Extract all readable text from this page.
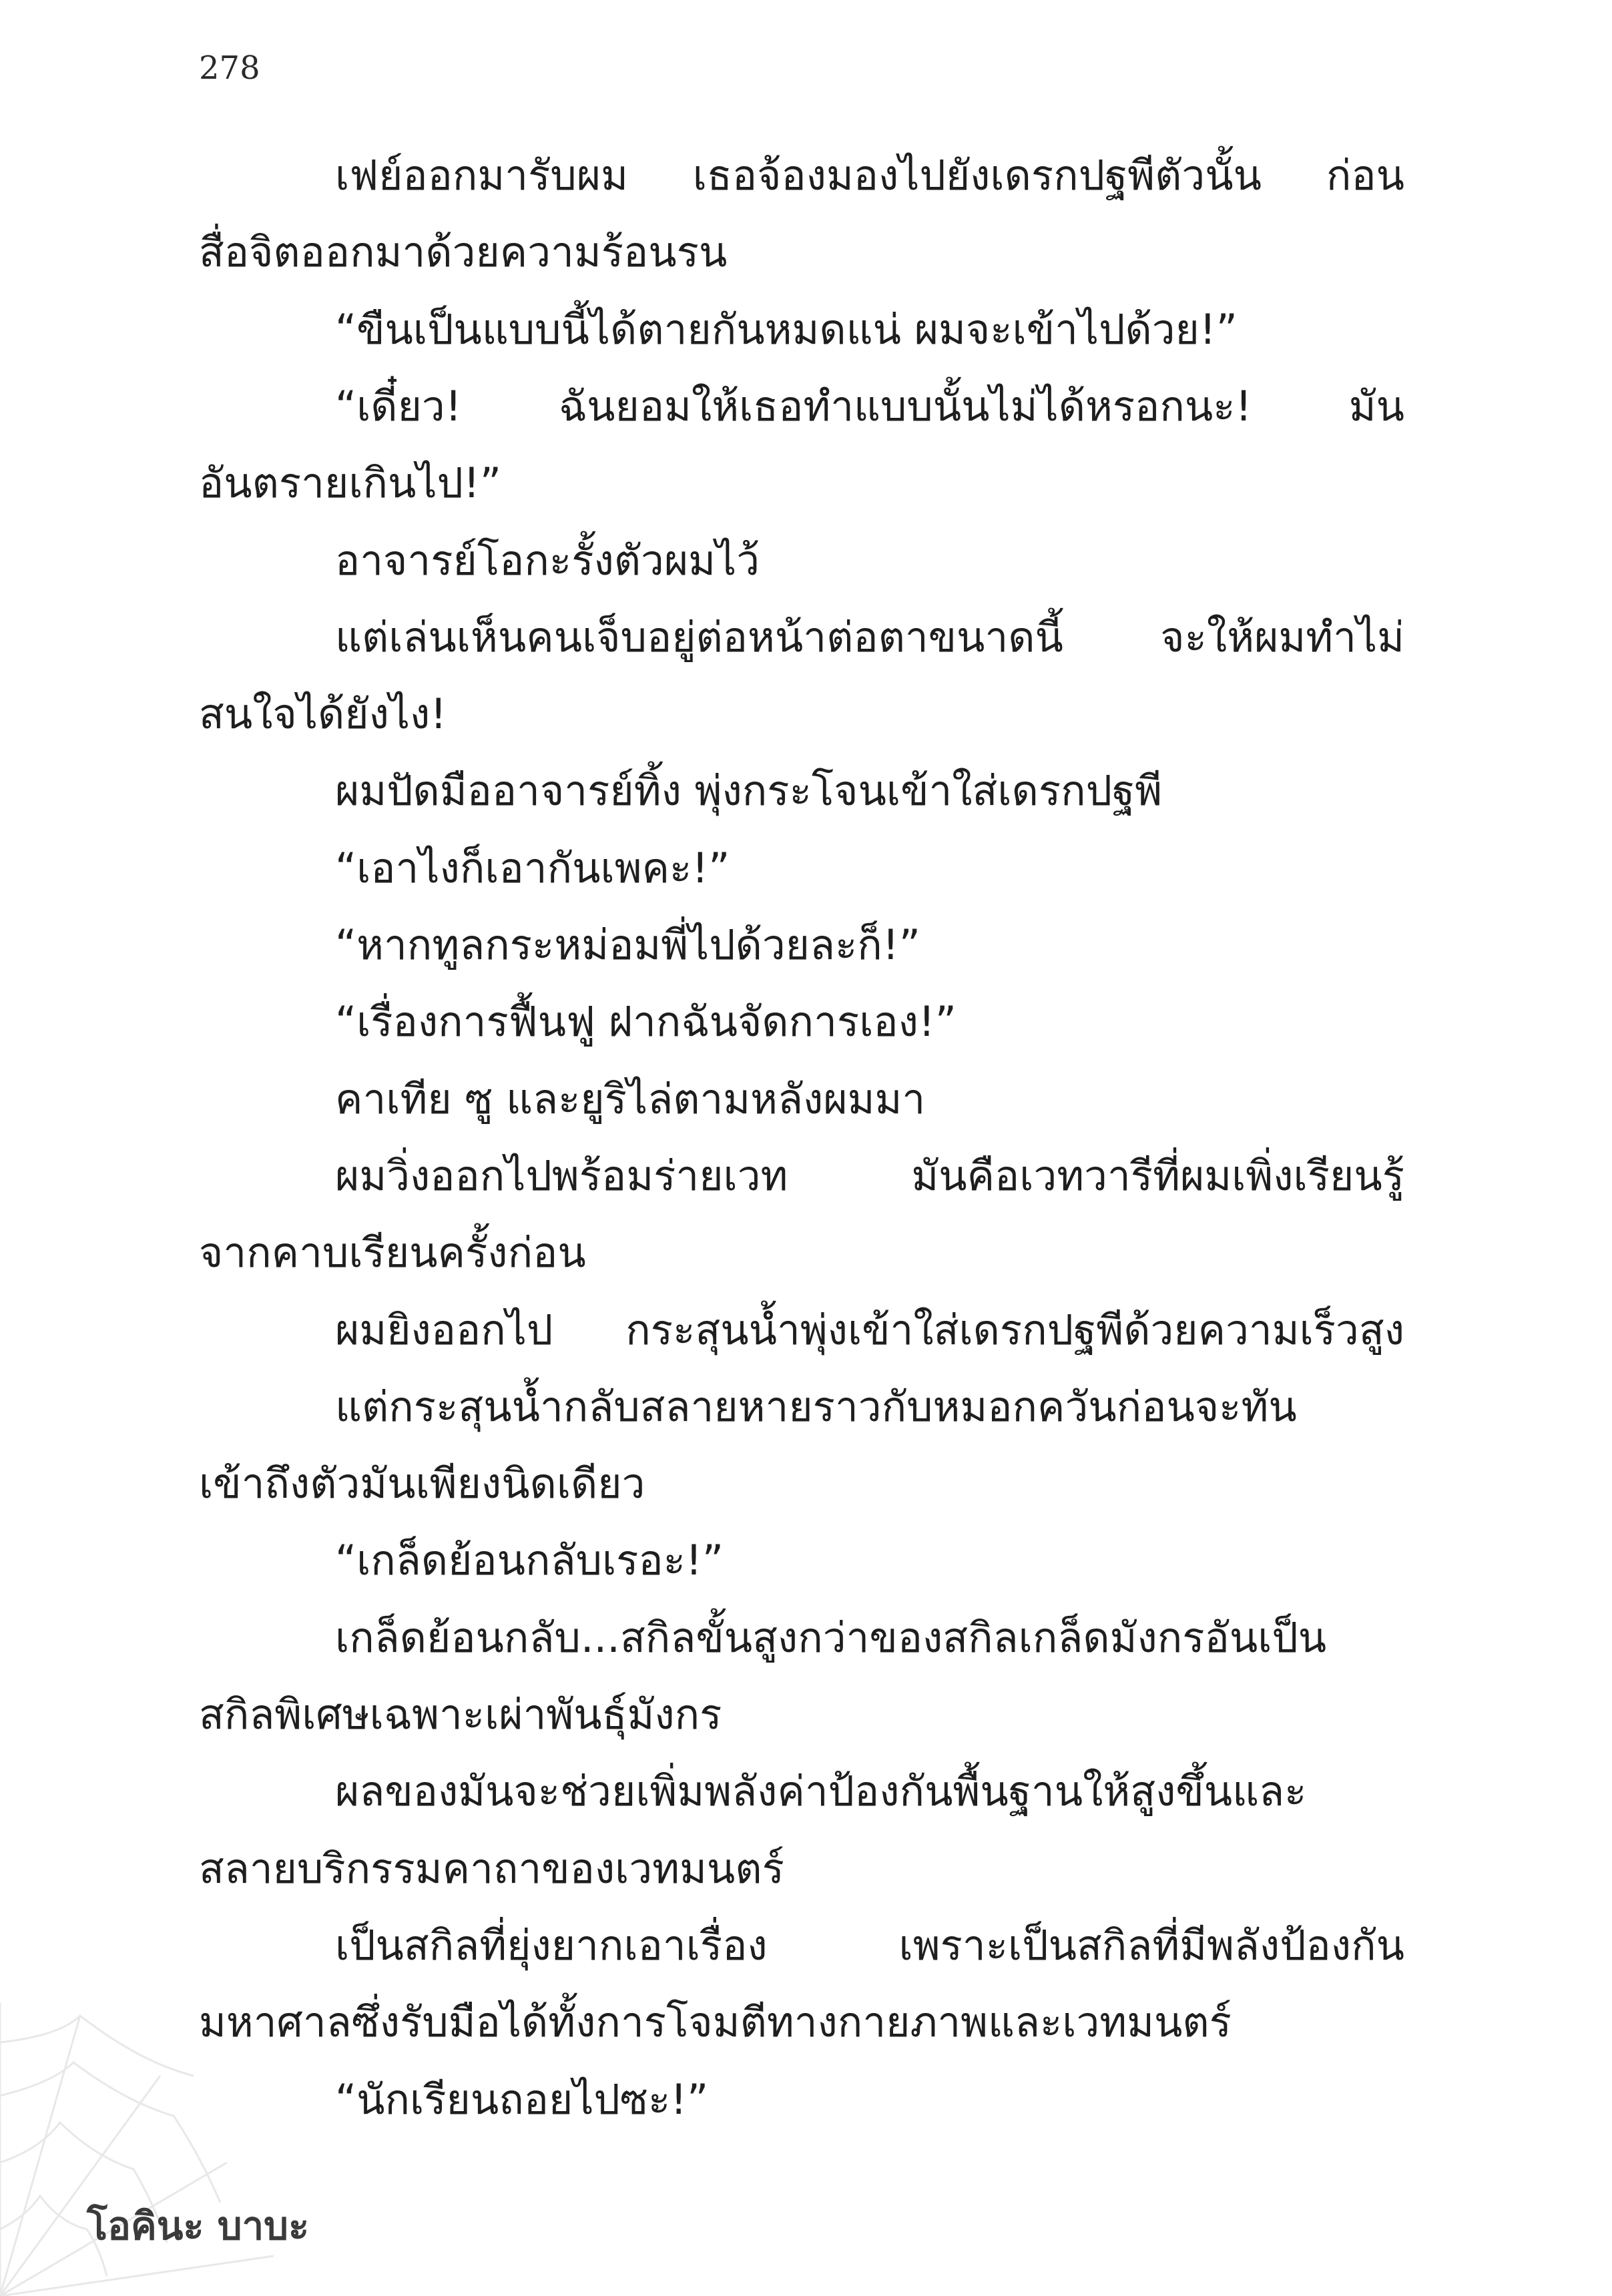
278
เฟย์ออกมารับผม เธอจ้องมองไปยังเดรกปฐพีตัวนั้น ก่อน
สื่อจิตออกมาด้วยความร้อนรน
“ขืนเป็นแบบนี้ได้ตายกันหมดแน่ ผมจะเข้าไปด้วย!”
“เดี๋ยว! ฉันยอมให้เธอทำแบบนั้นไม่ได้หรอกนะ! มัน
อันตรายเกินไป!”
อาจารย์โอกะรั้งตัวผมไว้
แต่เล่นเห็นคนเจ็บอยู่ต่อหน้าต่อตาขนาดนี้ จะให้ผมทำไม่
สนใจได้ยังไง!
ผมปัดมืออาจารย์ทิ้ง พุ่งกระโจนเข้าใส่เดรกปฐพี
“เอาไงก็เอากันเพคะ!”
“หากทูลกระหม่อมพี่ไปด้วยละก็!”
“เรื่องการฟื้นฟู ฝากฉันจัดการเอง!”
คาเทีย ซู และยูริไล่ตามหลังผมมา
ผมวิ่งออกไปพร้อมร่ายเวท	มันคือเวทวารีที่ผมเพิ่งเรียนรู้
จากคาบเรียนครั้งก่อน
ผมยิงออกไป กระสุนน้ำพุ่งเข้าใส่เดรกปฐพีด้วยความเร็วสูง
แต่กระสุนน้ำกลับสลายหายราวกับหมอกควันก่อนจะทัน
เข้าถึงตัวมันเพียงนิดเดียว
“เกล็ดย้อนกลับเรอะ!”
เกล็ดย้อนกลับ...สกิลขั้นสูงกว่าของสกิลเกล็ดมังกรอันเป็น
สกิลพิเศษเฉพาะเผ่าพันธุ์มังกร
ผลของมันจะช่วยเพิ่มพลังค่าป้องกันพื้นฐานให้สูงขึ้นและ
สลายบริกรรมคาถาของเวทมนตร์
เป็นสกิลที่ยุ่งยากเอาเรื่อง	เพราะเป็นสกิลที่มีพลังป้องกัน
มหาศาลซึ่งรับมือได้ทั้งการโจมตีทางกายภาพและเวทมนตร์
“นักเรียนถอยไปซะ!”
โอคินะ บาบะ
